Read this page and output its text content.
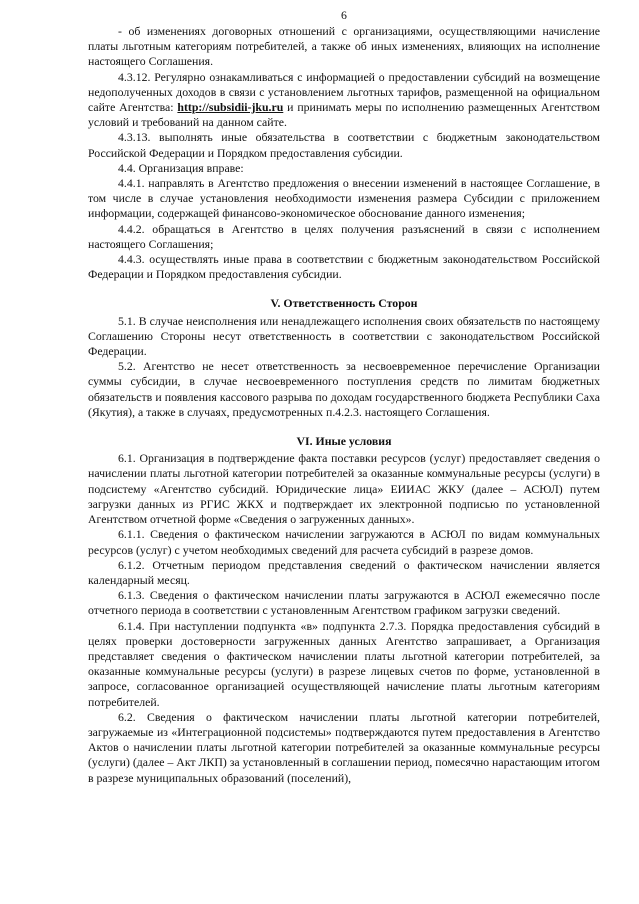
6

- об изменениях договорных отношений с организациями, осуществляющими начисление платы льготным категориям потребителей, а также об иных изменениях, влияющих на исполнение настоящего Соглашения.

4.3.12. Регулярно ознакамливаться с информацией о предоставлении субсидий на возмещение недополученных доходов в связи с установлением льготных тарифов, размещенной на официальном сайте Агентства: http://subsidii-jku.ru и принимать меры по исполнению размещенных Агентством условий и требований на данном сайте.

4.3.13. выполнять иные обязательства в соответствии с бюджетным законодательством Российской Федерации и Порядком предоставления субсидии.

4.4. Организация вправе:

4.4.1. направлять в Агентство предложения о внесении изменений в настоящее Соглашение, в том числе в случае установления необходимости изменения размера Субсидии с приложением информации, содержащей финансово-экономическое обоснование данного изменения;

4.4.2. обращаться в Агентство в целях получения разъяснений в связи с исполнением настоящего Соглашения;

4.4.3. осуществлять иные права в соответствии с бюджетным законодательством Российской Федерации и Порядком предоставления субсидии.

V. Ответственность Сторон

5.1. В случае неисполнения или ненадлежащего исполнения своих обязательств по настоящему Соглашению Стороны несут ответственность в соответствии с законодательством Российской Федерации.

5.2. Агентство не несет ответственность за несвоевременное перечисление Организации суммы субсидии, в случае несвоевременного поступления средств по лимитам бюджетных обязательств и появления кассового разрыва по доходам государственного бюджета Республики Саха (Якутия), а также в случаях, предусмотренных п.4.2.3. настоящего Соглашения.

VI. Иные условия

6.1. Организация в подтверждение факта поставки ресурсов (услуг) предоставляет сведения о начислении платы льготной категории потребителей за оказанные коммунальные ресурсы (услуги) в подсистему «Агентство субсидий. Юридические лица» ЕИИАС ЖКУ (далее – АСЮЛ) путем загрузки данных из РГИС ЖКХ и подтверждает их электронной подписью по установленной Агентством отчетной форме «Сведения о загруженных данных».

6.1.1. Сведения о фактическом начислении загружаются в АСЮЛ по видам коммунальных ресурсов (услуг) с учетом необходимых сведений для расчета субсидий в разрезе домов.

6.1.2. Отчетным периодом представления сведений о фактическом начислении является календарный месяц.

6.1.3. Сведения о фактическом начислении платы загружаются в АСЮЛ ежемесячно после отчетного периода в соответствии с установленным Агентством графиком загрузки сведений.

6.1.4. При наступлении подпункта «в» подпункта 2.7.3. Порядка предоставления субсидий в целях проверки достоверности загруженных данных Агентство запрашивает, а Организация представляет сведения о фактическом начислении платы льготной категории потребителей, за оказанные коммунальные ресурсы (услуги) в разрезе лицевых счетов по форме, установленной в запросе, согласованное организацией осуществляющей начисление платы льготным категориям потребителей.

6.2. Сведения о фактическом начислении платы льготной категории потребителей, загружаемые из «Интеграционной подсистемы» подтверждаются путем предоставления в Агентство Актов о начислении платы льготной категории потребителей за оказанные коммунальные ресурсы (услуги) (далее – Акт ЛКП) за установленный в соглашении период, помесячно нарастающим итогом в разрезе муниципальных образований (поселений),
